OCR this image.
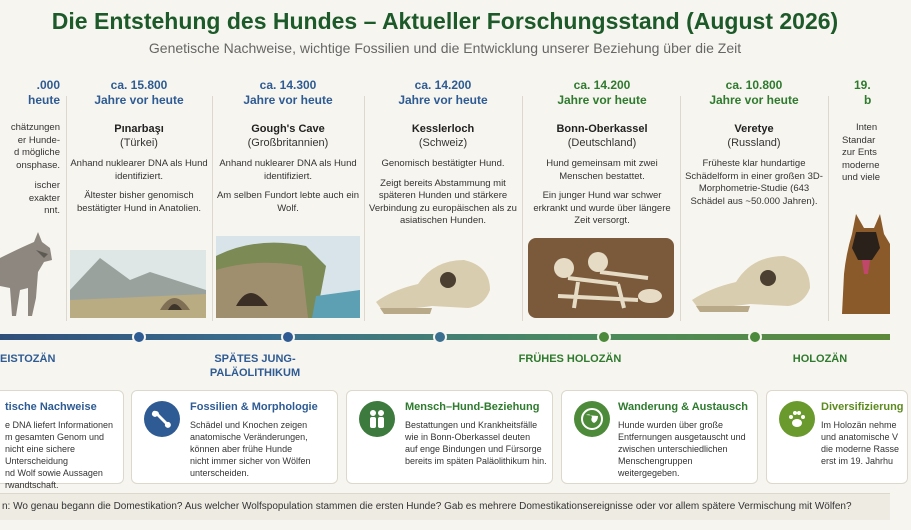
Die Entstehung des Hundes – Aktueller Forschungsstand (August 2026)
Genetische Nachweise, wichtige Fossilien und die Entwicklung unserer Beziehung über die Zeit
.000
heute
chätzungen
er Hunde-
d mögliche
onsphase.
ischer
exakter
nnt.
ca. 15.800
Jahre vor heute
Pınarbaşı
(Türkei)

Anhand nuklearer DNA als Hund identifiziert.

Ältester bisher genomisch bestätigter Hund in Anatolien.

ca. 14.300
Jahre vor heute
Gough's Cave
(Großbritannien)

Anhand nuklearer DNA als Hund identifiziert.

Am selben Fundort lebte auch ein Wolf.

ca. 14.200
Jahre vor heute
Kesslerloch
(Schweiz)

Genomisch bestätigter Hund.

Zeigt bereits Abstammung mit späteren Hunden und stärkere Verbindung zu europäischen als zu asiatischen Hunden.

ca. 14.200
Jahre vor heute
Bonn-Oberkassel
(Deutschland)

Hund gemeinsam mit zwei Menschen bestattet.

Ein junger Hund war schwer erkrankt und wurde über längere Zeit versorgt.

ca. 10.800
Jahre vor heute
Veretye
(Russland)

Früheste klar hundartige Schädelform in einer großen 3D-Morphometrie-Studie (643 Schädel aus ~50.000 Jahren).

19.
b
Inten
Standar
zur Ents
moderne
und viele
EISTOZÄN	SPÄTES JUNG-
PALÄOLITHIKUM
FRÜHES HOLOZÄN	HOLOZÄN
tische Nachweise
e DNA liefert Informationen
m gesamten Genom und
nicht eine sichere Unterscheidung
nd Wolf sowie Aussagen
rwandtschaft.
Fossilien & Morphologie
Schädel und Knochen zeigen
anatomische Veränderungen,
können aber frühe Hunde
nicht immer sicher von Wölfen
unterscheiden.
Mensch–Hund-Beziehung
Bestattungen und Krankheitsfälle
wie in Bonn-Oberkassel deuten
auf enge Bindungen und Fürsorge
bereits im späten Paläolithikum hin.
Wanderung & Austausch
Hunde wurden über große
Entfernungen ausgetauscht und
zwischen unterschiedlichen
Menschengruppen weitergegeben.
Diversifizierung
Im Holozän nehme
und anatomische V
die moderne Rasse
erst im 19. Jahrhu
n: Wo genau begann die Domestikation? Aus welcher Wolfspopulation stammen die ersten Hunde? Gab es mehrere Domestikationsereignisse oder vor allem spätere Vermischung mit Wölfen?
